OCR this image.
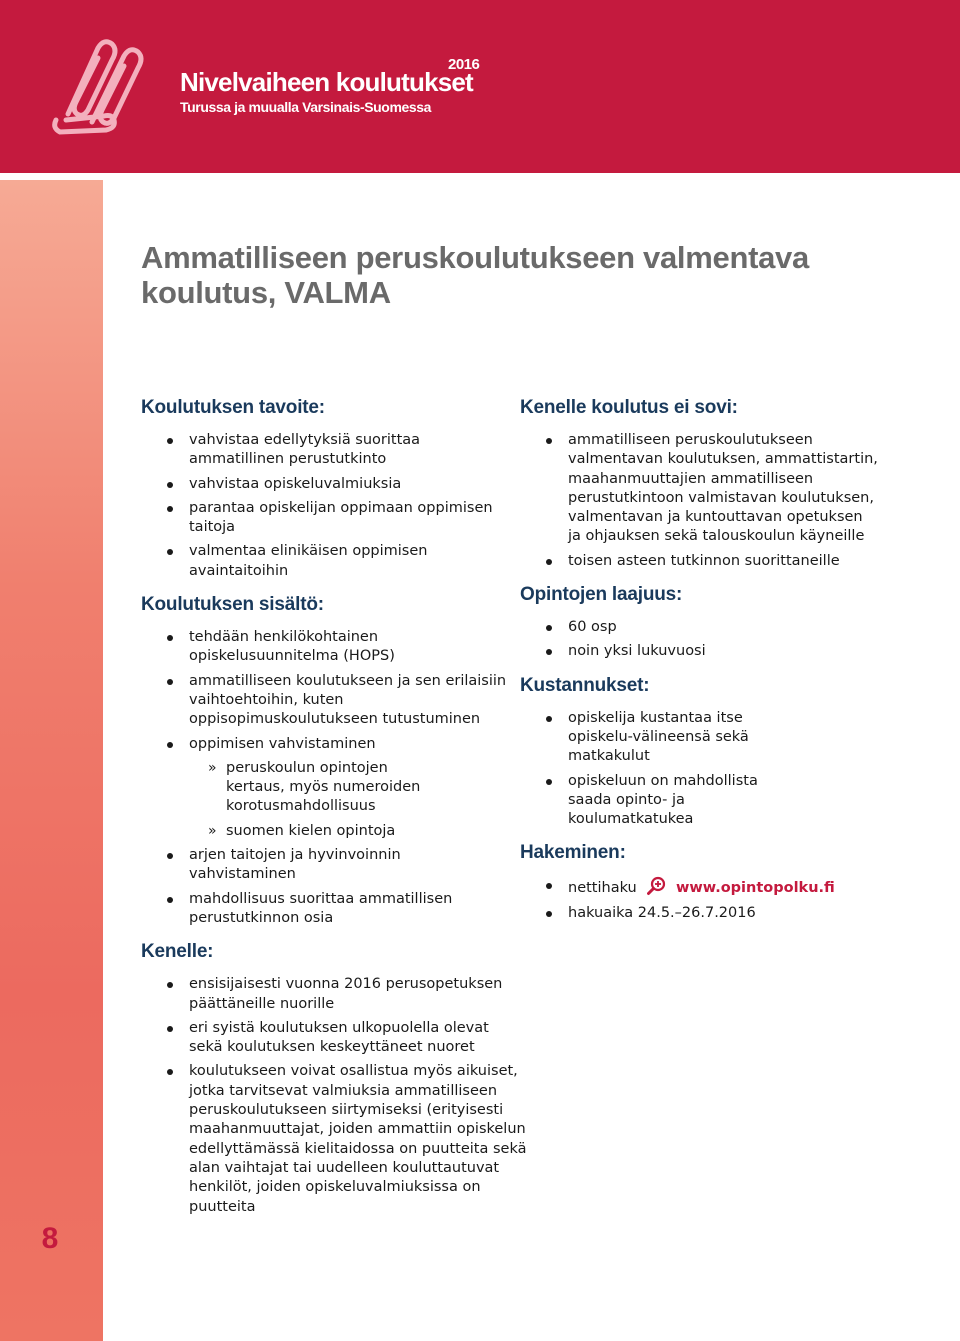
2016
Nivelvaiheen koulutukset
Turussa ja muualla Varsinais-Suomessa
8
Ammatilliseen peruskoulutukseen valmentava koulutus, VALMA
Koulutuksen tavoite:
vahvistaa edellytyksiä suorittaa ammatillinen perustutkinto
vahvistaa opiskeluvalmiuksia
parantaa opiskelijan oppimaan oppimisen taitoja
valmentaa elinikäisen oppimisen avaintaitoihin
Koulutuksen sisältö:
tehdään henkilökohtainen opiskelusuunnitelma (HOPS)
ammatilliseen koulutukseen ja sen erilaisiin vaihtoehtoihin, kuten oppisopimuskoulutukseen tutustuminen
oppimisen vahvistaminen
» peruskoulun opintojen kertaus, myös numeroiden korotusmahdollisuus
» suomen kielen opintoja
arjen taitojen ja hyvinvoinnin vahvistaminen
mahdollisuus suorittaa ammatillisen perustutkinnon osia
Kenelle:
ensisijaisesti vuonna 2016 perusopetuksen päättäneille nuorille
eri syistä koulutuksen ulkopuolella olevat sekä koulutuksen keskeyttäneet nuoret
koulutukseen voivat osallistua myös aikuiset, jotka tarvitsevat valmiuksia ammatilliseen peruskoulutukseen siirtymiseksi (erityisesti maahanmuuttajat, joiden ammattiin opiskelun edellyttämässä kielitaidossa on puutteita sekä alan vaihtajat tai uudelleen kouluttautuvat henkilöt, joiden opiskeluvalmiuksissa on puutteita
Kenelle koulutus ei sovi:
ammatilliseen peruskoulutukseen valmentavan koulutuksen, ammattistartin, maahanmuuttajien ammatilliseen perustutkintoon valmistavan koulutuksen, valmentavan ja kuntouttavan opetuksen ja ohjauksen sekä talouskoulun käyneille
toisen asteen tutkinnon suorittaneille
Opintojen laajuus:
60 osp
noin yksi lukuvuosi
Kustannukset:
opiskelija kustantaa itse opiskelu-välineensä sekä matkakulut
opiskeluun on mahdollista saada opinto- ja koulumatkatukea
Hakeminen:
nettihaku	www.opintopolku.fi
hakuaika 24.5.–26.7.2016
